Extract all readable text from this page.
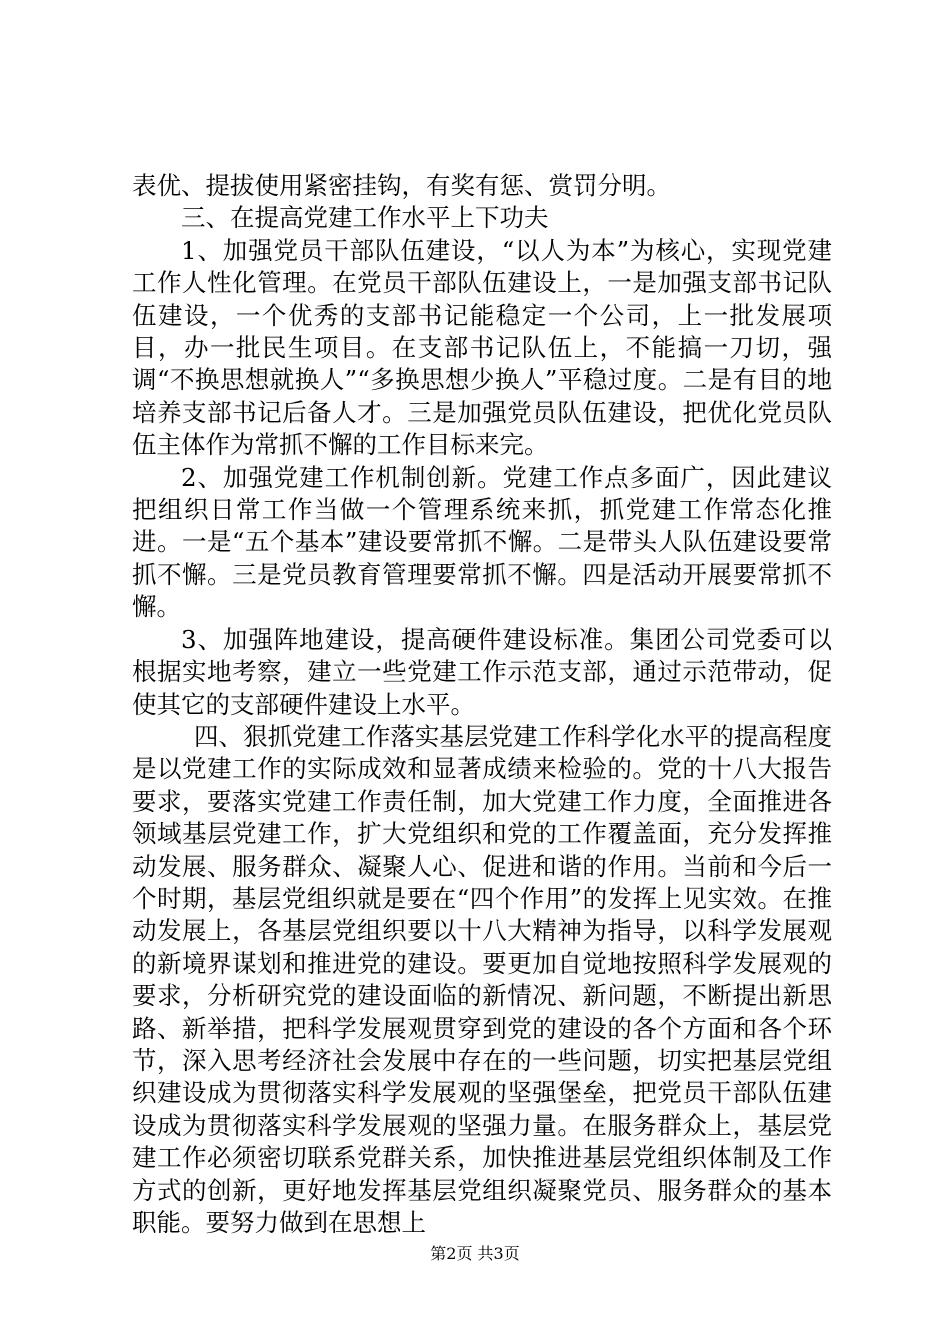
表优、提拔使用紧密挂钩，有奖有惩、赏罚分明。

三、在提高党建工作水平上下功夫

1、加强党员干部队伍建设，“以人为本”为核心，实现党建工作人性化管理。在党员干部队伍建设上，一是加强支部书记队伍建设，一个优秀的支部书记能稳定一个公司，上一批发展项目，办一批民生项目。在支部书记队伍上，不能搞一刀切，强调“不换思想就换人”“多换思想少换人”平稳过度。二是有目的地培养支部书记后备人才。三是加强党员队伍建设，把优化党员队伍主体作为常抓不懈的工作目标来完。

2、加强党建工作机制创新。党建工作点多面广，因此建议把组织日常工作当做一个管理系统来抓，抓党建工作常态化推进。一是“五个基本”建设要常抓不懈。二是带头人队伍建设要常抓不懈。三是党员教育管理要常抓不懈。四是活动开展要常抓不懈。

3、加强阵地建设，提高硬件建设标准。集团公司党委可以根据实地考察，建立一些党建工作示范支部，通过示范带动，促使其它的支部硬件建设上水平。

四、狠抓党建工作落实基层党建工作科学化水平的提高程度是以党建工作的实际成效和显著成绩来检验的。党的十八大报告要求，要落实党建工作责任制，加大党建工作力度，全面推进各领域基层党建工作，扩大党组织和党的工作覆盖面，充分发挥推动发展、服务群众、凝聚人心、促进和谐的作用。当前和今后一个时期，基层党组织就是要在“四个作用”的发挥上见实效。在推动发展上，各基层党组织要以十八大精神为指导，以科学发展观的新境界谋划和推进党的建设。要更加自觉地按照科学发展观的要求，分析研究党的建设面临的新情况、新问题，不断提出新思路、新举措，把科学发展观贯穿到党的建设的各个方面和各个环节，深入思考经济社会发展中存在的一些问题，切实把基层党组织建设成为贯彻落实科学发展观的坚强堡垒，把党员干部队伍建设成为贯彻落实科学发展观的坚强力量。在服务群众上，基层党建工作必须密切联系党群关系，加快推进基层党组织体制及工作方式的创新，更好地发挥基层党组织凝聚党员、服务群众的基本职能。要努力做到在思想上

第2页 共3页
